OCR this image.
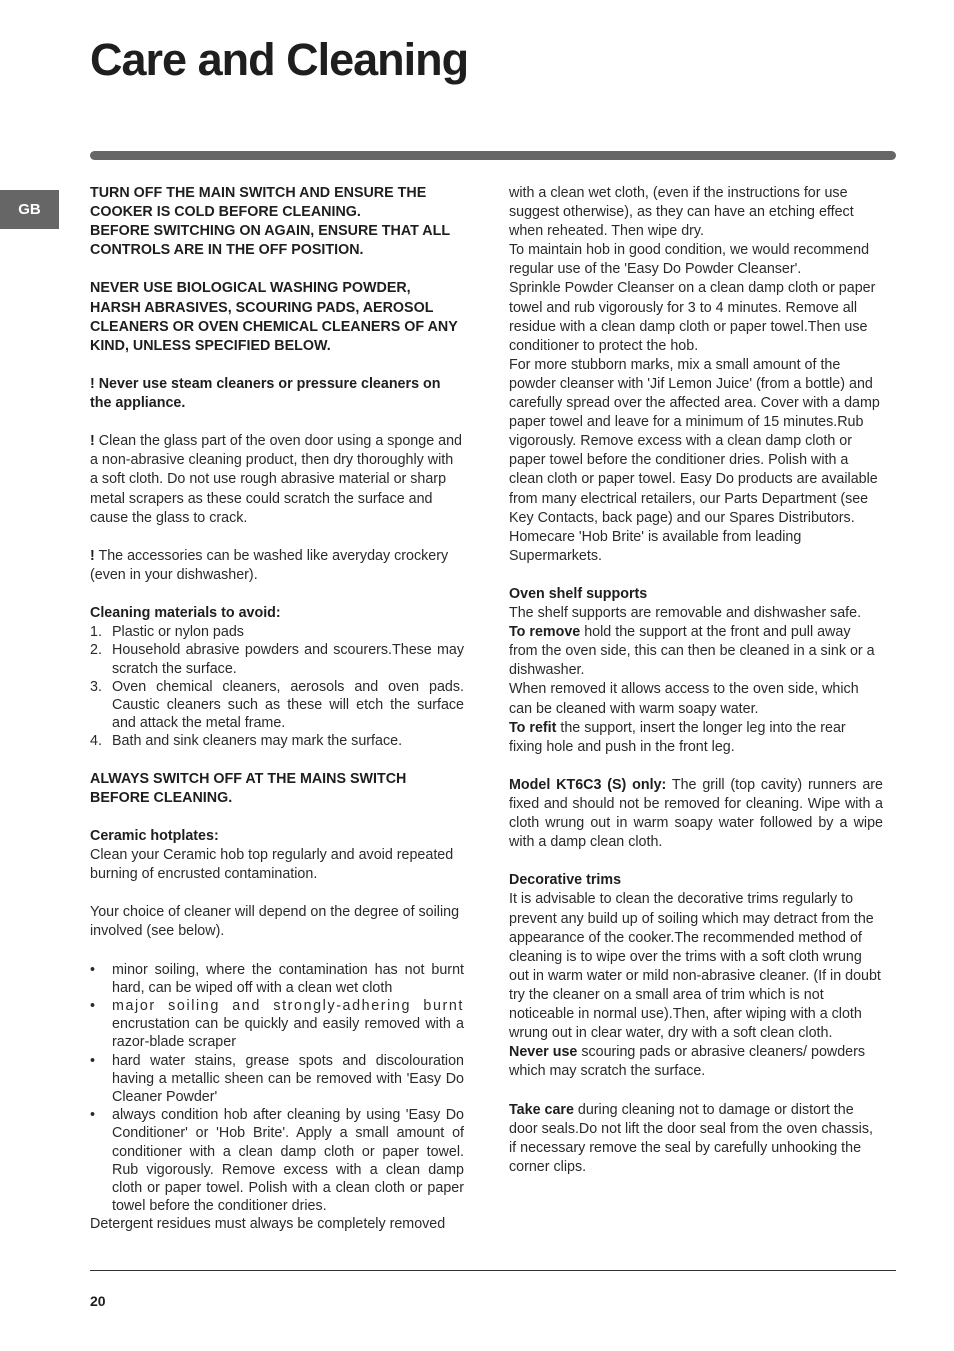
Care and Cleaning
GB

TURN OFF THE MAIN SWITCH AND ENSURE THE COOKER IS COLD BEFORE CLEANING.

BEFORE SWITCHING ON AGAIN, ENSURE THAT ALL CONTROLS ARE IN THE OFF POSITION.

NEVER USE BIOLOGICAL WASHING POWDER, HARSH ABRASIVES, SCOURING PADS, AEROSOL CLEANERS OR OVEN CHEMICAL CLEANERS OF ANY KIND, UNLESS SPECIFIED BELOW.

! Never use steam cleaners or pressure cleaners on the appliance.

! Clean the glass part of the oven door using a sponge and a non-abrasive cleaning product, then dry thoroughly with a soft cloth. Do not use rough abrasive material or sharp metal scrapers as these could scratch the surface and cause the glass to crack.

! The accessories can be washed like averyday crockery (even in your dishwasher).

Cleaning materials to avoid:

1. Plastic or nylon pads
2. Household abrasive powders and scourers.These may scratch the surface.
3. Oven chemical cleaners, aerosols and oven pads. Caustic cleaners such as these will etch the surface and attack the metal frame.
4. Bath and sink cleaners may mark the surface.

ALWAYS SWITCH OFF AT THE MAINS SWITCH BEFORE CLEANING.

Ceramic hotplates:

Clean your Ceramic hob top regularly and avoid repeated burning of encrusted contamination.

Your choice of cleaner will depend on the degree of soiling involved (see below).

• minor soiling, where the contamination has not burnt hard, can be wiped off with a clean wet cloth
• major soiling and strongly-adhering burnt encrustation can be quickly and easily removed with a razor-blade scraper
• hard water stains, grease spots and discolouration having a metallic sheen can be removed with 'Easy Do Cleaner Powder'
• always condition hob after cleaning by using 'Easy Do Conditioner' or 'Hob Brite'. Apply a small amount of conditioner with a clean damp cloth or paper towel. Rub vigorously. Remove excess with a clean damp cloth or paper towel. Polish with a clean cloth or paper towel before the conditioner dries.

Detergent residues must always be completely removed

with a clean wet cloth, (even if the instructions for use suggest otherwise), as they can have an etching effect when reheated. Then wipe dry.

To maintain hob in good condition, we would recommend regular use of the 'Easy Do Powder Cleanser'.

Sprinkle Powder Cleanser on a clean damp cloth or paper towel and rub vigorously for 3 to 4 minutes. Remove all residue with a clean damp cloth or paper towel.Then use conditioner to protect the hob.

For more stubborn marks, mix a small amount of the powder cleanser with 'Jif Lemon Juice' (from a bottle) and carefully spread over the affected area. Cover with a damp paper towel and leave for a minimum of 15 minutes.Rub vigorously. Remove excess with a clean damp cloth or paper towel before the conditioner dries. Polish with a clean cloth or paper towel. Easy Do products are available from many electrical retailers, our Parts Department (see Key Contacts, back page) and our Spares Distributors. Homecare 'Hob Brite' is available from leading Supermarkets.

Oven shelf supports

The shelf supports are removable and dishwasher safe.

To remove hold the support at the front and pull away from the oven side, this can then be cleaned in a sink or a dishwasher.

When removed it allows access to the oven side, which can be cleaned with warm soapy water.

To refit the support, insert the longer leg into the rear fixing hole and push in the front leg.

Model KT6C3 (S) only: The grill (top cavity) runners are fixed and should not be removed for cleaning. Wipe with a cloth wrung out in warm soapy water followed by a wipe with a damp clean cloth.

Decorative trims

It is advisable to clean the decorative trims regularly to prevent any build up of soiling which may detract from the appearance of the cooker.The recommended method of cleaning is to wipe over the trims with a soft cloth wrung out in warm water or mild non-abrasive cleaner. (If in doubt try the cleaner on a small area of trim which is not noticeable in normal use).Then, after wiping with a cloth wrung out in clear water, dry with a soft clean cloth.

Never use scouring pads or abrasive cleaners/ powders which may scratch the surface.

Take care during cleaning not to damage or distort the door seals.Do not lift the door seal from the oven chassis, if necessary remove the seal by carefully unhooking the corner clips.

20
